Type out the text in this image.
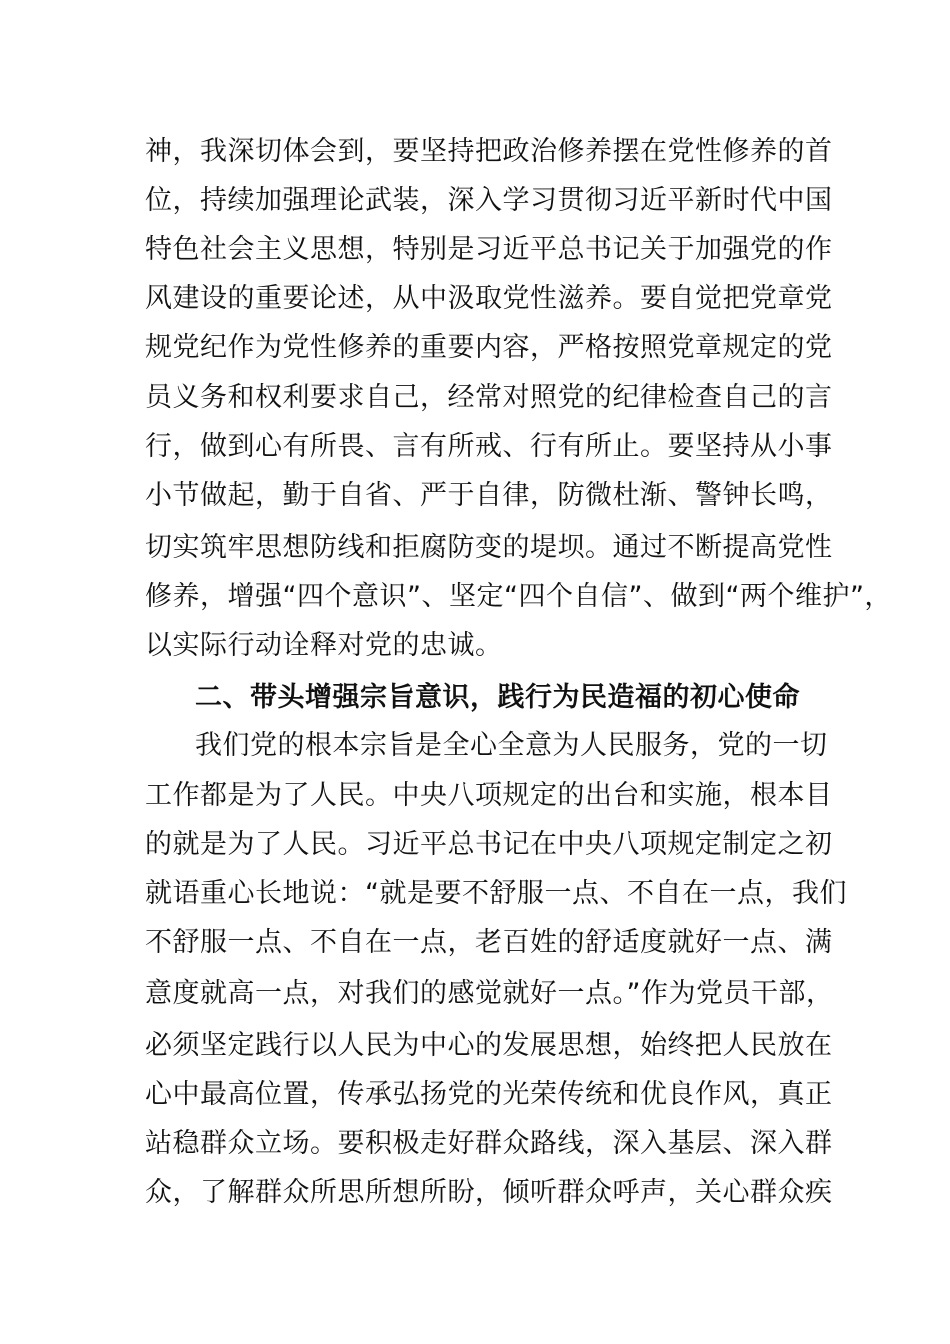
神，我深切体会到，要坚持把政治修养摆在党性修养的首
位，持续加强理论武装，深入学习贯彻习近平新时代中国
特色社会主义思想，特别是习近平总书记关于加强党的作
风建设的重要论述，从中汲取党性滋养。要自觉把党章党
规党纪作为党性修养的重要内容，严格按照党章规定的党
员义务和权利要求自己，经常对照党的纪律检查自己的言
行，做到心有所畏、言有所戒、行有所止。要坚持从小事
小节做起，勤于自省、严于自律，防微杜渐、警钟长鸣，
切实筑牢思想防线和拒腐防变的堤坝。通过不断提高党性
修养，增强“四个意识”、坚定“四个自信”、做到“两个维护”，
以实际行动诠释对党的忠诚。
二、带头增强宗旨意识，践行为民造福的初心使命
我们党的根本宗旨是全心全意为人民服务，党的一切
工作都是为了人民。中央八项规定的出台和实施，根本目
的就是为了人民。习近平总书记在中央八项规定制定之初
就语重心长地说：“就是要不舒服一点、不自在一点，我们
不舒服一点、不自在一点，老百姓的舒适度就好一点、满
意度就高一点，对我们的感觉就好一点。”作为党员干部，
必须坚定践行以人民为中心的发展思想，始终把人民放在
心中最高位置，传承弘扬党的光荣传统和优良作风，真正
站稳群众立场。要积极走好群众路线，深入基层、深入群
众，了解群众所思所想所盼，倾听群众呼声，关心群众疾
